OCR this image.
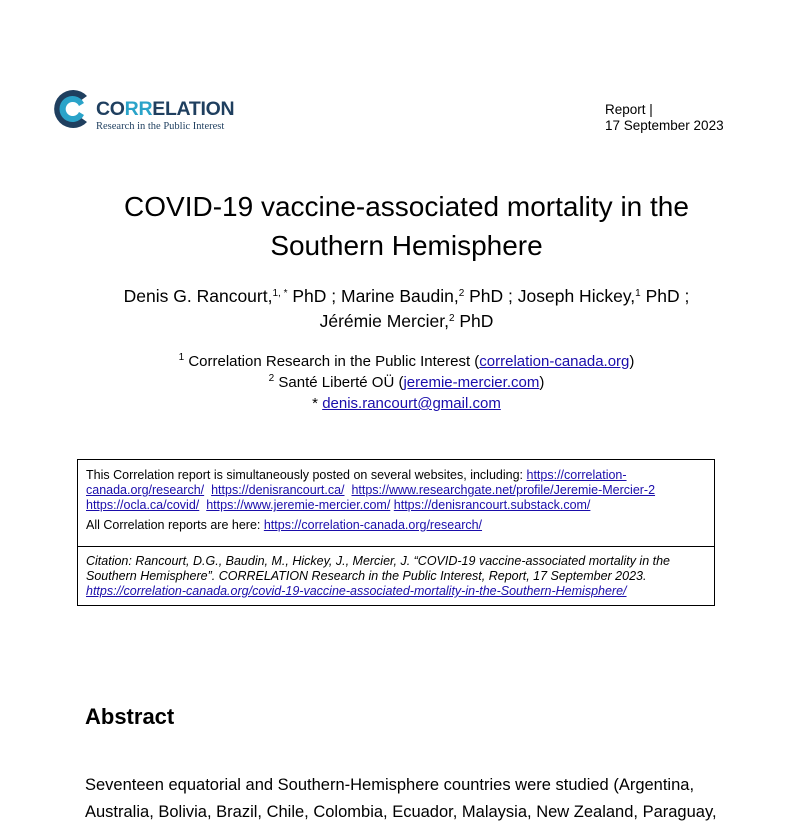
CORRELATION
Research in the Public Interest
Report |
17 September 2023
COVID-19 vaccine-associated mortality in the
Southern Hemisphere
Denis G. Rancourt,$^{1, *}$ PhD ; Marine Baudin,$^2$ PhD ; Joseph Hickey,$^1$ PhD ;
Jérémie Mercier,$^2$ PhD
$^1$ Correlation Research in the Public Interest (correlation-canada.org)
$^2$ Santé Liberté OÜ (jeremie-mercier.com)
* denis.rancourt@gmail.com

This Correlation report is simultaneously posted on several websites, including: https://correlation-canada.org/research/ https://denisrancourt.ca/ https://www.researchgate.net/profile/Jeremie-Mercier-2  https://ocla.ca/covid/ https://www.jeremie-mercier.com/ https://denisrancourt.substack.com/

All Correlation reports are here: https://correlation-canada.org/research/

Citation: Rancourt, D.G., Baudin, M., Hickey, J., Mercier, J. “COVID-19 vaccine-associated mortality in the Southern Hemisphere”. CORRELATION Research in the Public Interest, Report, 17 September 2023. https://correlation-canada.org/covid-19-vaccine-associated-mortality-in-the-Southern-Hemisphere/
Abstract

Seventeen equatorial and Southern-Hemisphere countries were studied (Argentina, Australia, Bolivia, Brazil, Chile, Colombia, Ecuador, Malaysia, New Zealand, Paraguay,
